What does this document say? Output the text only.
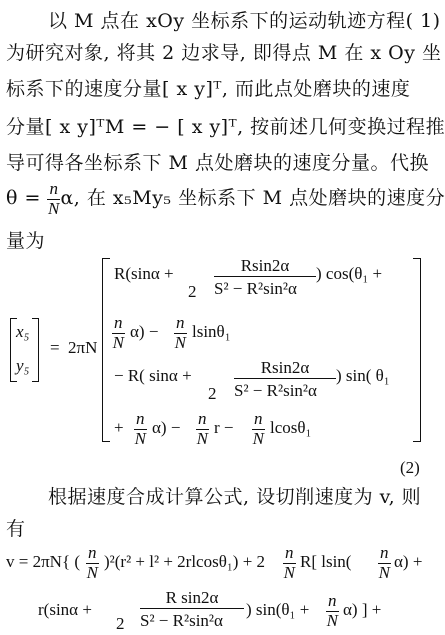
以 M 点在 xOy 坐标系下的运动轨迹方程( 1)
为研究对象, 将其 2 边求导, 即得点 M 在 x Oy 坐
标系下的速度分量[ x y]ᵀ, 而此点处磨块的速度
分量[ x y]ᵀM = − [ x y]ᵀ, 按前述几何变换过程推
导可得各坐标系下 M 点处磨块的速度分量。代换
$\theta = \frac{n}{N} \alpha$, 在 x₅My₅ 坐标系下 M 点处磨块的速度分
量为
x₅
y₅
= 2πN
R(sinα +
2
Rsin2α
S² − R²sin²α
) cos(θ₁ +
$\frac{n}{N} \alpha) - \frac{n}{N} lsin\theta_1$
− R( sinα +
2
Rsin2α
S² − R²sin²α
) sin( θ₁
+ $\frac{n}{N} \alpha) - \frac{n}{N}$ $r - \frac{n}{N} lcos\theta_1$
(2)
根据速度合成计算公式, 设切削速度为 v, 则
有
v = 2πN{ ( $\frac{n}{N} )^2(r^2 + l^2 + 2rlcos\theta_1) + 2 \frac{n}{N} R$[ $lsin( \frac{n}{N} \alpha)$ +
r(sinα +
2
R sin2α
S² − R²sin²α
) $\sin(\theta_1 + \frac{n}{N} \alpha)$ ] +
